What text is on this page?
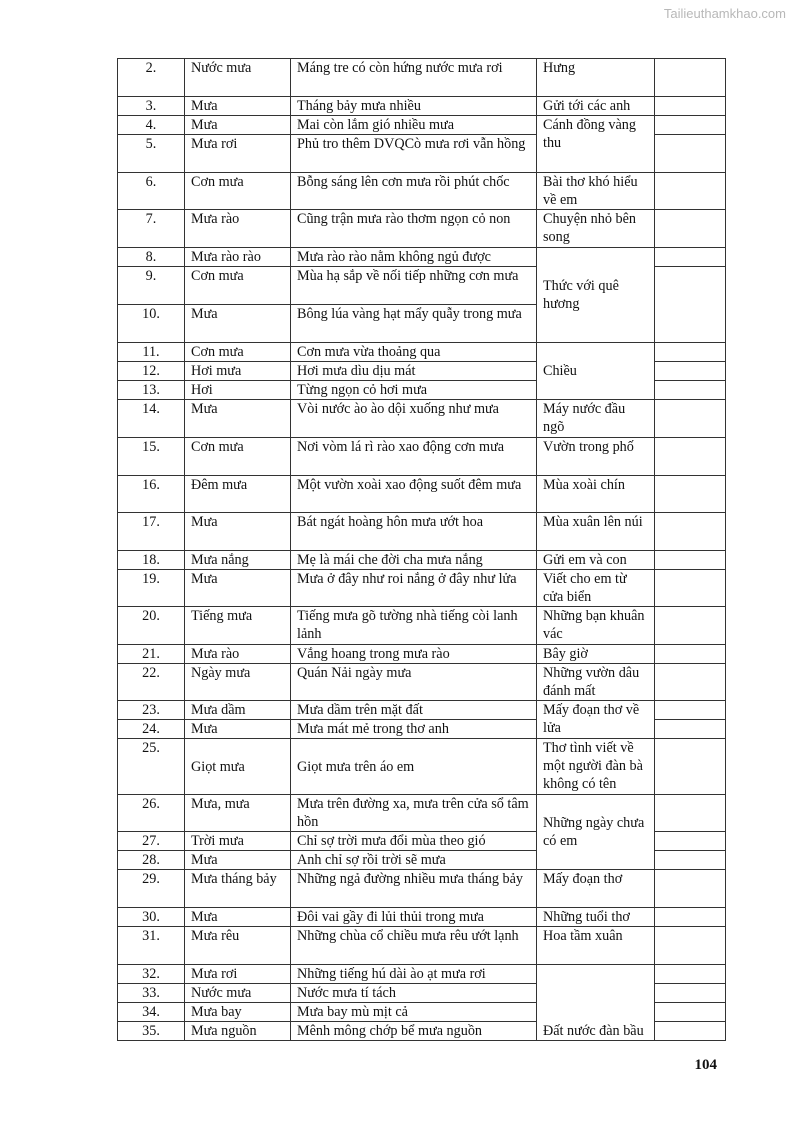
Tailieuthamkhao.com
2.	Nước mưa	Máng tre có còn hứng nước mưa rơi	Hưng	
3.	Mưa	Tháng bảy mưa nhiều	Gửi tới các anh	
4.	Mưa	Mai còn lắm gió nhiều mưa	Cánh đồng vàng thu	
5.	Mưa rơi	Phủ tro thêm DVQCò mưa rơi vẫn hồng		
6.	Cơn mưa	Bỗng sáng lên cơn mưa rồi phút chốc	Bài thơ khó hiểu về em	
7.	Mưa rào	Cũng trận mưa rào thơm ngọn cỏ non	Chuyện nhỏ bên song	
8.	Mưa rào rào	Mưa rào rào nằm không ngủ được	Thức với quê hương	
9.	Cơn mưa	Mùa hạ sắp về nối tiếp những cơn mưa		
10.	Mưa	Bông lúa vàng hạt mẩy quẫy trong mưa		
11.	Cơn mưa	Cơn mưa vừa thoảng qua	Chiều	
12.	Hơi mưa	Hơi mưa dìu dịu mát		
13.	Hơi	Từng ngọn cỏ hơi mưa		
14.	Mưa	Vòi nước ào ào dội xuống như mưa	Máy nước đầu ngõ	
15.	Cơn mưa	Nơi vòm lá rì rào xao động cơn mưa	Vườn trong phố	
16.	Đêm mưa	Một vườn xoài xao động suốt đêm mưa	Mùa xoài chín	
17.	Mưa	Bát ngát hoàng hôn mưa ướt hoa	Mùa xuân lên núi	
18.	Mưa nắng	Mẹ là mái che đời cha mưa nắng	Gửi em và con	
19.	Mưa	Mưa ở đây như roi nắng ở đây như lửa	Viết cho em từ cửa biển	
20.	Tiếng mưa	Tiếng mưa gõ tường nhà tiếng còi lanh lảnh	Những bạn khuân vác	
21.	Mưa rào	Vắng hoang trong mưa rào	Bây giờ	
22.	Ngày mưa	Quán Nải ngày mưa	Những vườn dâu đánh mất	
23.	Mưa dầm	Mưa dầm trên mặt đất	Mấy đoạn thơ về lửa	
24.	Mưa	Mưa mát mẻ trong thơ anh		
25.	Giọt mưa	Giọt mưa trên áo em	Thơ tình viết về một người đàn bà không có tên	
26.	Mưa, mưa	Mưa trên đường xa, mưa trên cửa sổ tâm hồn	Những ngày chưa có em	
27.	Trời mưa	Chỉ sợ trời mưa đổi mùa theo gió		
28.	Mưa	Anh chỉ sợ rồi trời sẽ mưa		
29.	Mưa tháng bảy	Những ngả đường nhiều mưa tháng bảy	Mấy đoạn thơ	
30.	Mưa	Đôi vai gầy đi lủi thủi trong mưa	Những tuổi thơ	
31.	Mưa rêu	Những chùa cổ chiều mưa rêu ướt lạnh	Hoa tầm xuân	
32.	Mưa rơi	Những tiếng hú dài ào ạt mưa rơi	Đất nước đàn bầu	
33.	Nước mưa	Nước mưa tí tách		
34.	Mưa bay	Mưa bay mù mịt cả		
35.	Mưa nguồn	Mênh mông chớp bể mưa nguồn		
104
